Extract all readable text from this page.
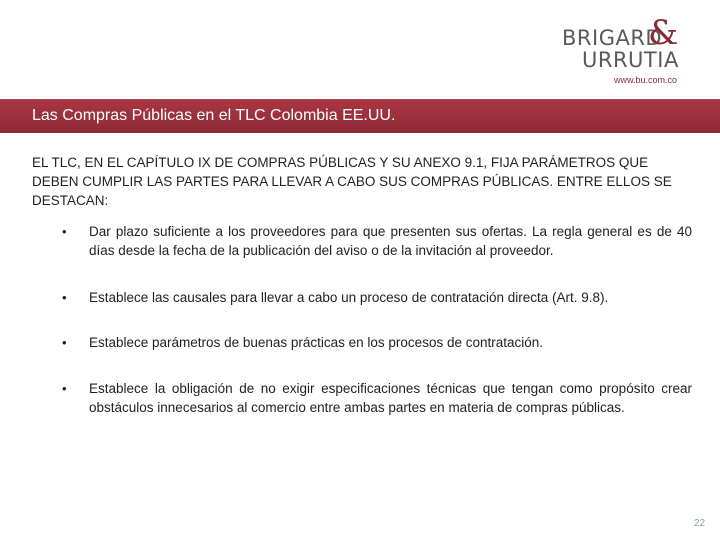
BRIGARD
&
URRUTIA
www.bu.com.co
Las Compras Públicas en el TLC Colombia EE.UU.

EL TLC, EN EL CAPÍTULO IX DE COMPRAS PÚBLICAS Y SU ANEXO 9.1, FIJA PARÁMETROS QUE DEBEN CUMPLIR LAS PARTES PARA LLEVAR A CABO SUS COMPRAS PÚBLICAS. ENTRE ELLOS SE DESTACAN:

• Dar plazo suficiente a los proveedores para que presenten sus ofertas. La regla general es de 40 días desde la fecha de la publicación del aviso o de la invitación al proveedor.
• Establece las causales para llevar a cabo un proceso de contratación directa (Art. 9.8).
• Establece parámetros de buenas prácticas en los procesos de contratación.
• Establece la obligación de no exigir especificaciones técnicas que tengan como propósito crear obstáculos innecesarios al comercio entre ambas partes en materia de compras públicas.
22
